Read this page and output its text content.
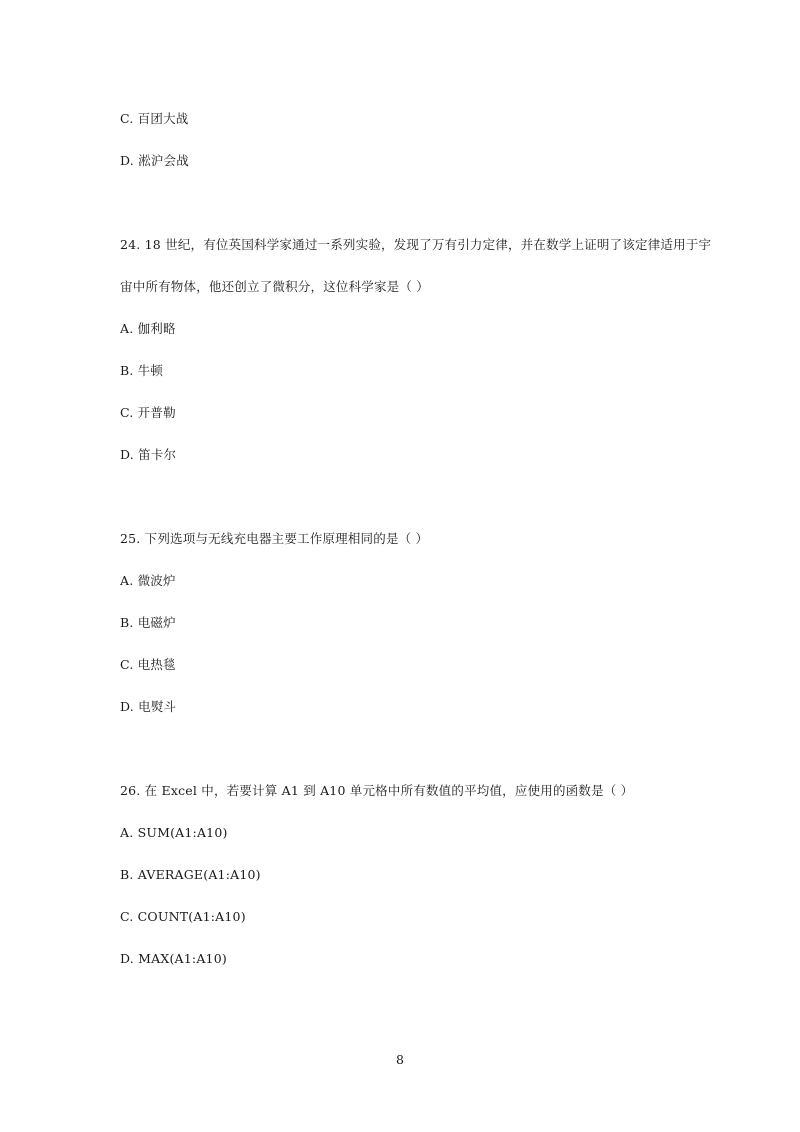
C. 百团大战
D. 淞沪会战
24. 18 世纪，有位英国科学家通过一系列实验，发现了万有引力定律，并在数学上证明了该定律适用于宇
宙中所有物体，他还创立了微积分，这位科学家是（ ）
A. 伽利略
B. 牛顿
C. 开普勒
D. 笛卡尔
25. 下列选项与无线充电器主要工作原理相同的是（ ）
A. 微波炉
B. 电磁炉
C. 电热毯
D. 电熨斗
26. 在 Excel 中，若要计算 A1 到 A10 单元格中所有数值的平均值，应使用的函数是（ ）
A. SUM(A1:A10)
B. AVERAGE(A1:A10)
C. COUNT(A1:A10)
D. MAX(A1:A10)
8
